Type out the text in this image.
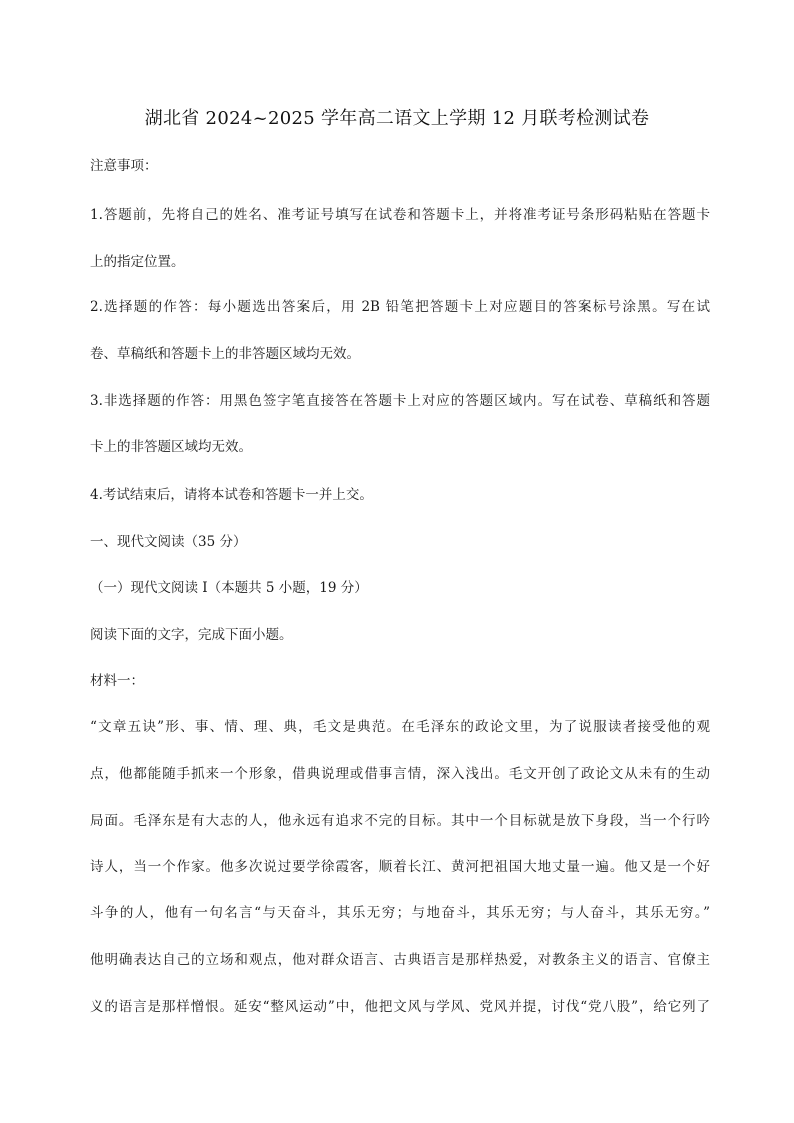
湖北省 2024~2025 学年高二语文上学期 12 月联考检测试卷
注意事项：
1.答题前，先将自己的姓名、准考证号填写在试卷和答题卡上，并将准考证号条形码粘贴在答题卡
上的指定位置。
2.选择题的作答：每小题选出答案后，用 2B 铅笔把答题卡上对应题目的答案标号涂黑。写在试
卷、草稿纸和答题卡上的非答题区域均无效。
3.非选择题的作答：用黑色签字笔直接答在答题卡上对应的答题区域内。写在试卷、草稿纸和答题
卡上的非答题区域均无效。
4.考试结束后，请将本试卷和答题卡一并上交。
一、现代文阅读（35 分）
（一）现代文阅读 I（本题共 5 小题，19 分）
阅读下面的文字，完成下面小题。
材料一：
“文章五诀”形、事、情、理、典，毛文是典范。在毛泽东的政论文里，为了说服读者接受他的观
点，他都能随手抓来一个形象，借典说理或借事言情，深入浅出。毛文开创了政论文从未有的生动
局面。毛泽东是有大志的人，他永远有追求不完的目标。其中一个目标就是放下身段，当一个行吟
诗人，当一个作家。他多次说过要学徐霞客，顺着长江、黄河把祖国大地丈量一遍。他又是一个好
斗争的人，他有一句名言“与天奋斗，其乐无穷；与地奋斗，其乐无穷；与人奋斗，其乐无穷。”
他明确表达自己的立场和观点，他对群众语言、古典语言是那样热爱，对教条主义的语言、官僚主
义的语言是那样憎恨。延安“整风运动”中，他把文风与学风、党风并提，讨伐“党八股”，给它列了
